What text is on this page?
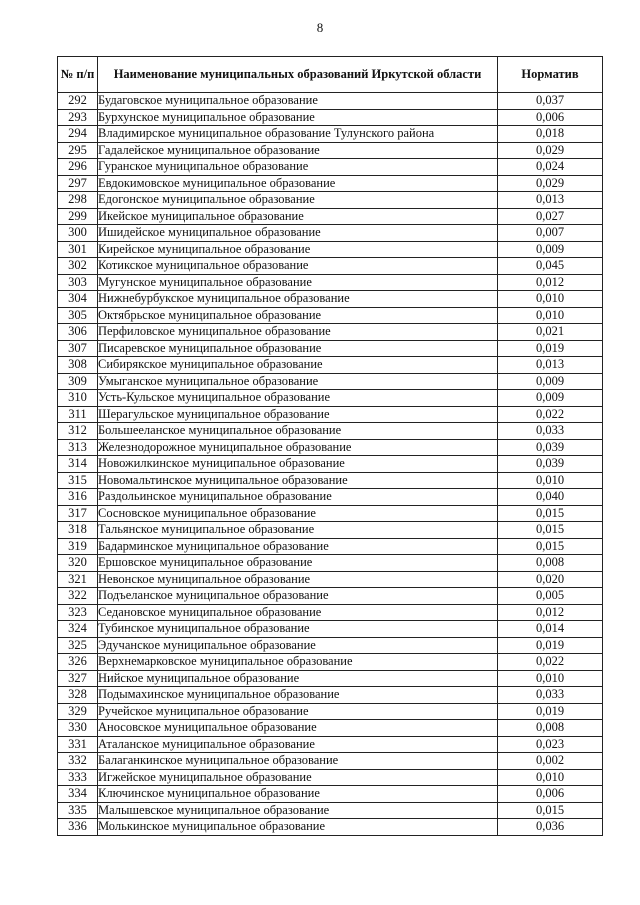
8
№ п/п	Наименование муниципальных образований Иркутской области	Норматив
292	Будаговское муниципальное образование	0,037
293	Бурхунское муниципальное образование	0,006
294	Владимирское муниципальное образование Тулунского района	0,018
295	Гадалейское муниципальное образование	0,029
296	Гуранское муниципальное образование	0,024
297	Евдокимовское муниципальное образование	0,029
298	Едогонское муниципальное образование	0,013
299	Икейское муниципальное образование	0,027
300	Ишидейское муниципальное образование	0,007
301	Кирейское муниципальное образование	0,009
302	Котикское муниципальное образование	0,045
303	Мугунское муниципальное образование	0,012
304	Нижнебурбукское муниципальное образование	0,010
305	Октябрьское муниципальное образование	0,010
306	Перфиловское муниципальное образование	0,021
307	Писаревское муниципальное образование	0,019
308	Сибирякское муниципальное образование	0,013
309	Умыганское муниципальное образование	0,009
310	Усть-Кульское муниципальное образование	0,009
311	Шерагульское муниципальное образование	0,022
312	Большееланское муниципальное образование	0,033
313	Железнодорожное муниципальное образование	0,039
314	Новожилкинское муниципальное образование	0,039
315	Новомальтинское муниципальное образование	0,010
316	Раздольинское муниципальное образование	0,040
317	Сосновское муниципальное образование	0,015
318	Тальянское муниципальное образование	0,015
319	Бадарминское муниципальное образование	0,015
320	Ершовское муниципальное образование	0,008
321	Невонское муниципальное образование	0,020
322	Подъеланское муниципальное образование	0,005
323	Седановское муниципальное образование	0,012
324	Тубинское муниципальное образование	0,014
325	Эдучанское муниципальное образование	0,019
326	Верхнемарковское муниципальное образование	0,022
327	Нийское муниципальное образование	0,010
328	Подымахинское муниципальное образование	0,033
329	Ручейское муниципальное образование	0,019
330	Аносовское муниципальное образование	0,008
331	Аталанское муниципальное образование	0,023
332	Балаганкинское муниципальное образование	0,002
333	Игжейское муниципальное образование	0,010
334	Ключинское муниципальное образование	0,006
335	Малышевское муниципальное образование	0,015
336	Молькинское муниципальное образование	0,036
